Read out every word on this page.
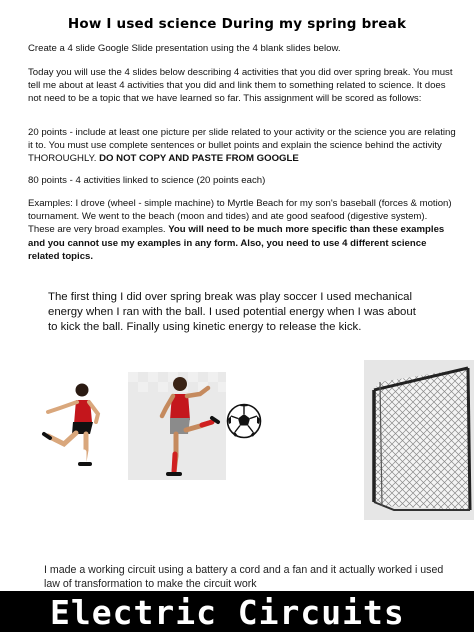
How I used science During my spring break

Create a 4 slide Google Slide presentation using the 4 blank slides below.

Today you will use the 4 slides below describing 4 activities that you did over spring break. You must tell me about at least 4 activities that you did and link them to something related to science. It does not need to be a topic that we have learned so far. This assignment will be scored as follows:

20 points - include at least one picture per slide related to your activity or the science you are relating it to. You must use complete sentences or bullet points and explain the science behind the activity THOROUGHLY. DO NOT COPY AND PASTE FROM GOOGLE

80 points - 4 activities linked to science (20 points each)

Examples: I drove (wheel - simple machine) to Myrtle Beach for my son's baseball (forces & motion) tournament. We went to the beach (moon and tides) and ate good seafood (digestive system). These are very broad examples. You will need to be much more specific than these examples and you cannot use my examples in any form. Also, you need to use 4 different science related topics.

The first thing I did over spring break was play soccer I used mechanical energy when I ran with the ball. I used potential energy when I was about to kick the ball. Finally using kinetic energy to release the kick.
I made a working circuit using a battery a cord and a fan and it actually worked i used law of transformation to make the circuit work
Electric Circuits
